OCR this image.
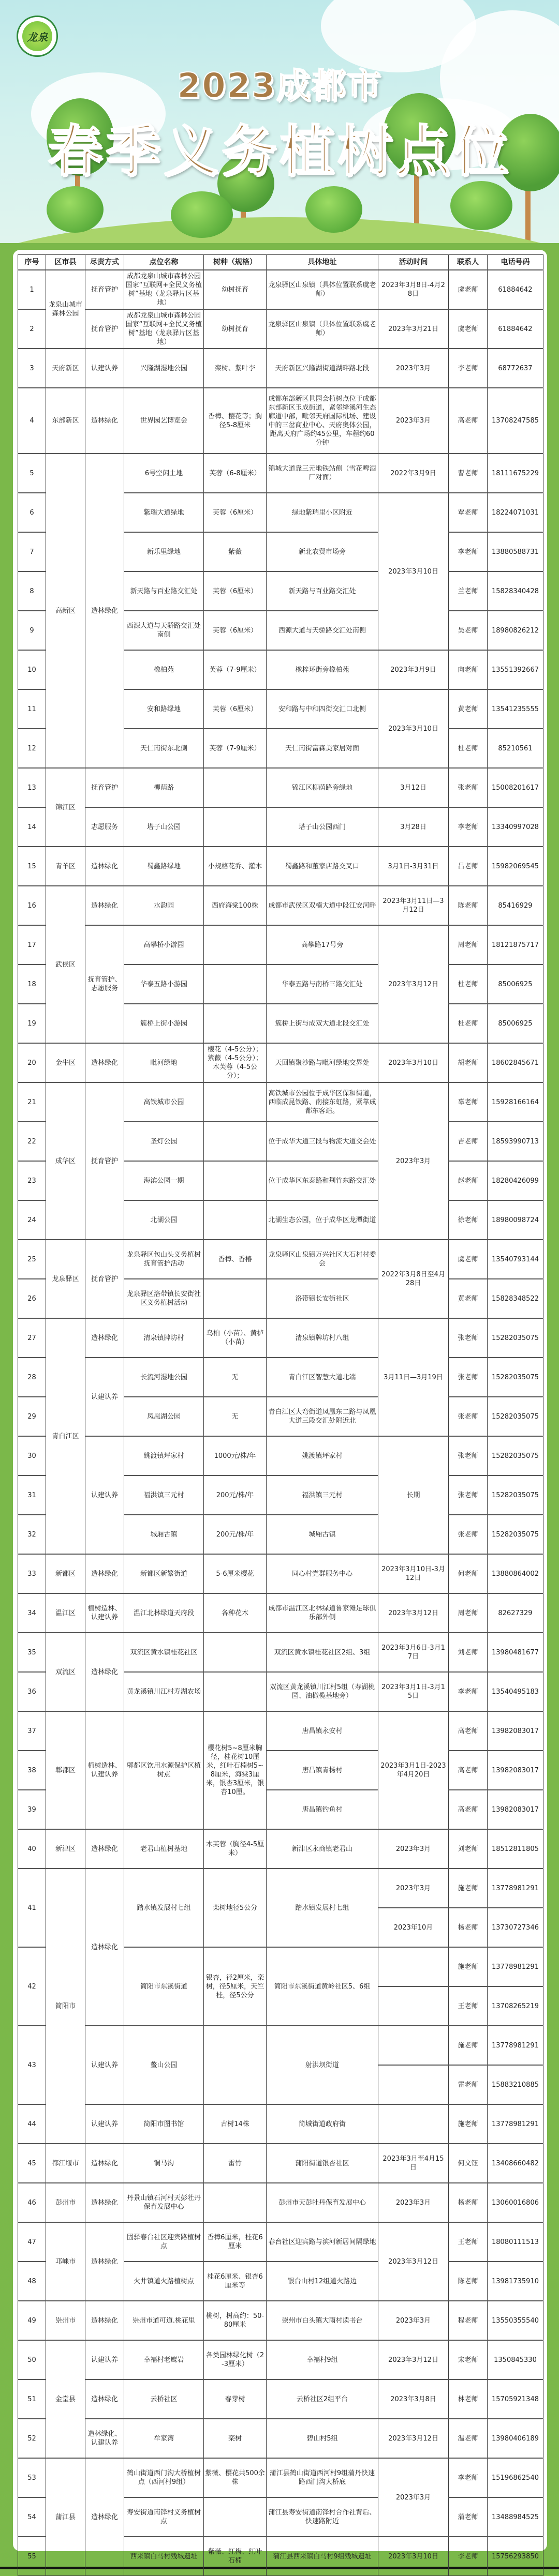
龙泉
2023成都市
春季义务植树点位
序号	区市县	尽责方式	点位名称	树种（规格）	具体地址	活动时间	联系人	电话号码
1	龙泉山城市森林公园	抚育管护	成都龙泉山城市森林公园国家“互联网+全民义务植树”基地（龙泉驿片区基地）	幼树抚育	龙泉驿区山泉镇（具体位置联系虞老师）	2023年3月8日-4月28日	虞老师	61884642
2		抚育管护	成都龙泉山城市森林公园国家“互联网+全民义务植树”基地（龙泉驿片区基地）	幼树抚育	龙泉驿区山泉镇（具体位置联系虞老师）	2023年3月21日	虞老师	61884642
3	天府新区	认建认养	兴隆湖湿地公园	栾树、紫叶李	天府新区兴隆湖街道湖畔路北段	2023年3月	李老师	68772637
4	东部新区	造林绿化	世界园艺博览会	香樟、樱花等；胸径5-8厘米	成都东部新区世园会植树点位于成都东部新区玉成街道，紧邻绛溪河生态廊道中部，毗邻天府国际机场、建设中的三岔商业中心、天府奥体公园，距离天府广场约45公里，车程约60分钟	2023年3月	高老师	13708247585
5	高新区	造林绿化	6号空闲土地	芙蓉（6-8厘米）	锦城大道靠三元地铁站侧（雪花啤酒厂对面）	2022年3月9日	曹老师	18111675229
6			紫瑞大道绿地	芙蓉（6厘米）	绿地紫瑞里小区附近	2023年3月10日	覃老师	18224071031
7			新乐里绿地	紫薇	新北农贸市场旁		李老师	13880588731
8			新天路与百业路交汇处	芙蓉（6厘米）	新天路与百业路交汇处		兰老师	15828340428
9			西源大道与天骄路交汇处南侧	芙蓉（6厘米）	西源大道与天骄路交汇处南侧		吴老师	18980826212
10			橡柏苑	芙蓉（7-9厘米）	橡梓环街旁橡柏苑	2023年3月9日	向老师	13551392667
11			安和路绿地	芙蓉（6厘米）	安和路与中和四街交汇口北侧	2023年3月10日	黄老师	13541235555
12			天仁南街东北侧	芙蓉（7-9厘米）	天仁南街富森美家居对面		杜老师	85210561
13	锦江区	抚育管护	柳荫路		锦江区柳荫路旁绿地	3月12日	张老师	15008201617
14		志愿服务	塔子山公园		塔子山公园西门	3月28日	李老师	13340997028
15	青羊区	造林绿化	蜀鑫路绿地	小规格花乔、灌木	蜀鑫路和董家店路交叉口	3月1日-3月31日	吕老师	15982069545
16	武侯区	造林绿化	水韵园	西府海棠100株	成都市武侯区双楠大道中段江安河畔	2023年3月11日—3月12日	陈老师	85416929
17		抚育管护、志愿服务	高攀桥小游园		高攀路17号旁	2023年3月12日	周老师	18121875717
18			华泰五路小游园		华泰五路与南桥三路交汇处		杜老师	85006925
19			簇桥上街小游园		簇桥上街与成双大道北段交汇处		杜老师	85006925
20	金牛区	造林绿化	毗河绿地	樱花（4-5公分）；紫薇（4-5公分）；木芙蓉（4-5公分）；	天回镇聚沙路与毗河绿地交界处	2023年3月10日	胡老师	18602845671
21	成华区	抚育管护	高铁城市公园		高铁城市公园位于成华区保和街道，西临成昆铁路、南接东虹路，紧靠成都东客站。	2023年3月	辜老师	15928166164
22			圣灯公园		位于成华大道三段与物流大道交会处		吉老师	18593990713
23			海滨公园一期		位于成华区东泰路和荆竹东路交汇处		赵老师	18280426099
24			北湖公园		北湖生态公园，位于成华区龙潭街道		徐老师	18980098724
25	龙泉驿区	抚育管护	龙泉驿区包山头义务植树抚育管护活动	香樟、香椿	龙泉驿区山泉镇万兴社区大石村村委会	2022年3月8日至4月28日	虞老师	13540793144
26			龙泉驿区洛带镇长安街社区义务植树活动		洛带镇长安街社区		黄老师	15828348522
27	青白江区	造林绿化	清泉镇牌坊村	乌桕（小苗）、黄栌（小苗）	清泉镇牌坊村八组	3月11日—3月19日	张老师	15282035075
28		认建认养	长流河湿地公园	无	青白江区智慧大道北端		张老师	15282035075
29			凤凰湖公园	无	青白江区大弯街道凤凰东二路与凤凰大道三段交汇处附近北		张老师	15282035075
30		认建认养	姚渡镇坪家村	1000元/株/年	姚渡镇坪家村	长期	张老师	15282035075
31			福洪镇三元村	200元/株/年	福洪镇三元村		张老师	15282035075
32			城厢古镇	200元/株/年	城厢古镇		张老师	15282035075
33	新都区	造林绿化	新都区新繁街道	5-6厘米樱花	同心村党群服务中心	2023年3月10日-3月12日	何老师	13880864002
34	温江区	植树造林、认建认养	温江北林绿道天府段	各种花木	成都市温江区北林绿道鲁家滩足球俱乐部外侧	2023年3月12日	周老师	82627329
35	双流区	造林绿化	双流区黄水镇桂花社区		双流区黄水镇桂花社区2组、3组	2023年3月6日-3月17日	刘老师	13980481677
36			黄龙溪镇川江村寿湖农场		双流区黄龙溪镇川江村5组（寿湖桃园、油橄榄基地旁）	2023年3月1日-3月15日	李老师	13540495183
37	郫都区	植树造林、认建认养	郫都区饮用水源保护区植树点	樱花树5~8厘米胸径，桂花树10厘米，红叶石楠树5~8厘米，海棠3厘米，银杏3厘米，银杏10厘。	唐昌镇永安村	2023年3月1日-2023年4月20日	高老师	13982083017
38					唐昌镇青杨村		高老师	13982083017
39					唐昌镇钓鱼村		高老师	13982083017
40	新津区	造林绿化	老君山植树基地	木芙蓉（胸径4-5厘米）	新津区永商镇老君山	2023年3月	刘老师	18512811805
41	简阳市	造林绿化	踏水镇发展村七组	栾树地径5公分	踏水镇发展村七组	2023年3月	施老师	13778981291
						2023年10月	杨老师	13730727346
42			简阳市东溪街道	银杏，径2厘米，栾树，径5厘米，天竺桂，径5公分	简阳市东溪街道黄岭社区5、6组		施老师	13778981291
							王老师	13708265219
43		认建认养	鳌山公园		射洪坝街道		施老师	13778981291
							雷老师	15883210885
44		认建认养	简阳市图书馆	古树14株	简城街道政府街		施老师	13778981291
45	都江堰市	造林绿化	铜马沟	雷竹	蒲阳街道银杏社区	2023年3月至4月15日	何文钰	13408660482
46	彭州市	造林绿化	丹景山镇石河村天彭牡丹保育发展中心		彭州市天彭牡丹保育发展中心	2023年3月	杨老师	13060016806
47	邛崃市	造林绿化	固驿春台社区迎宾路植树点	香樟6厘米，桂花6厘米	春台社区迎宾路与滨河新居间隔绿地	2023年3月12日	王老师	18080111513
48			火井镇道火路植树点	桂花6厘米、银杏6厘米等	银台山村12组道火路边		陈老师	13981735910
49	崇州市	造林绿化	崇州市道可道.桃花里	桃树，树高约：50-80厘米	崇州市白头镇大雨村读书台	2023年3月	程老师	13550355540
50	金堂县	认建认养	幸福村老鹰岩	各类园林绿化树（2-3厘米）	幸福村9组	2023年3月12日	宋老师	1350845330
51		造林绿化	云桥社区	春芽树	云桥社区2组平台	2023年3月8日	林老师	15705921348
52		造林绿化、认建认养	牟家湾	栾树	碧山村5组	2023年3月12日	温老师	13980406189
53	蒲江县	造林绿化	鹤山街道西门沟大桥植树点（西河村9组）	紫薇、樱花共500余株	蒲江县鹤山街道西河村9组蒲丹快速路西门沟大桥底	2023年3月	李老师	15196862540
54			寿安街道南锋村义务植树点		蒲江县寿安街道南锋村合作社背后、快速路附近		蒲老师	13488984525
55			西来镇白马村残城遗址	紫薇、红梅、红叶石楠	蒲江县西来镇白马村9组残城遗址	2023年3月10日	李老师	15756293850
